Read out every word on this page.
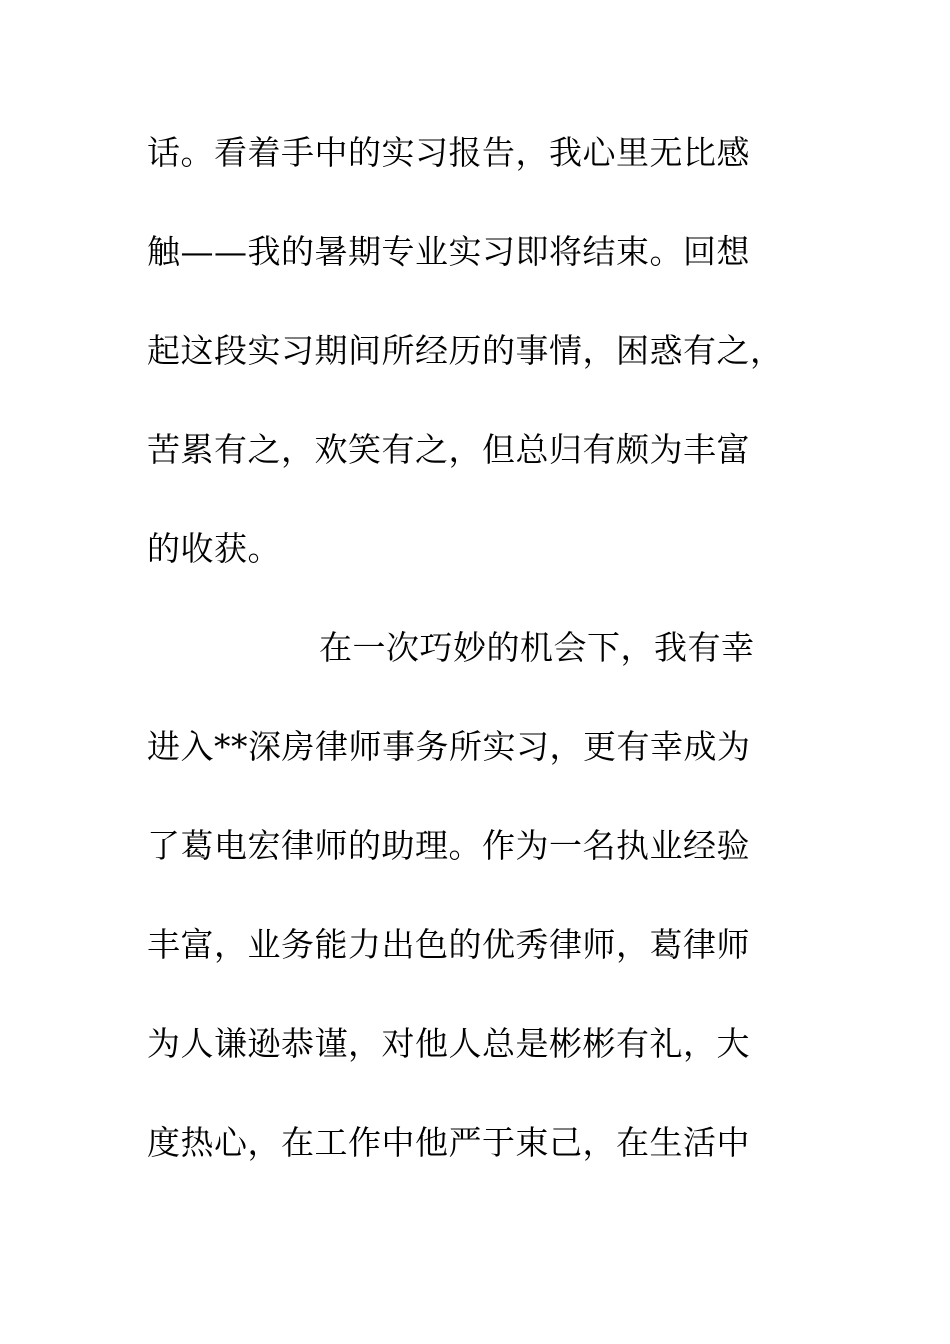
话。看着手中的实习报告，我心里无比感

触——我的暑期专业实习即将结束。回想

起这段实习期间所经历的事情，困惑有之，

苦累有之，欢笑有之，但总归有颇为丰富

的收获。

在一次巧妙的机会下，我有幸

进入**深房律师事务所实习，更有幸成为

了葛电宏律师的助理。作为一名执业经验

丰富，业务能力出色的优秀律师，葛律师

为人谦逊恭谨，对他人总是彬彬有礼，大

度热心，在工作中他严于束己，在生活中
